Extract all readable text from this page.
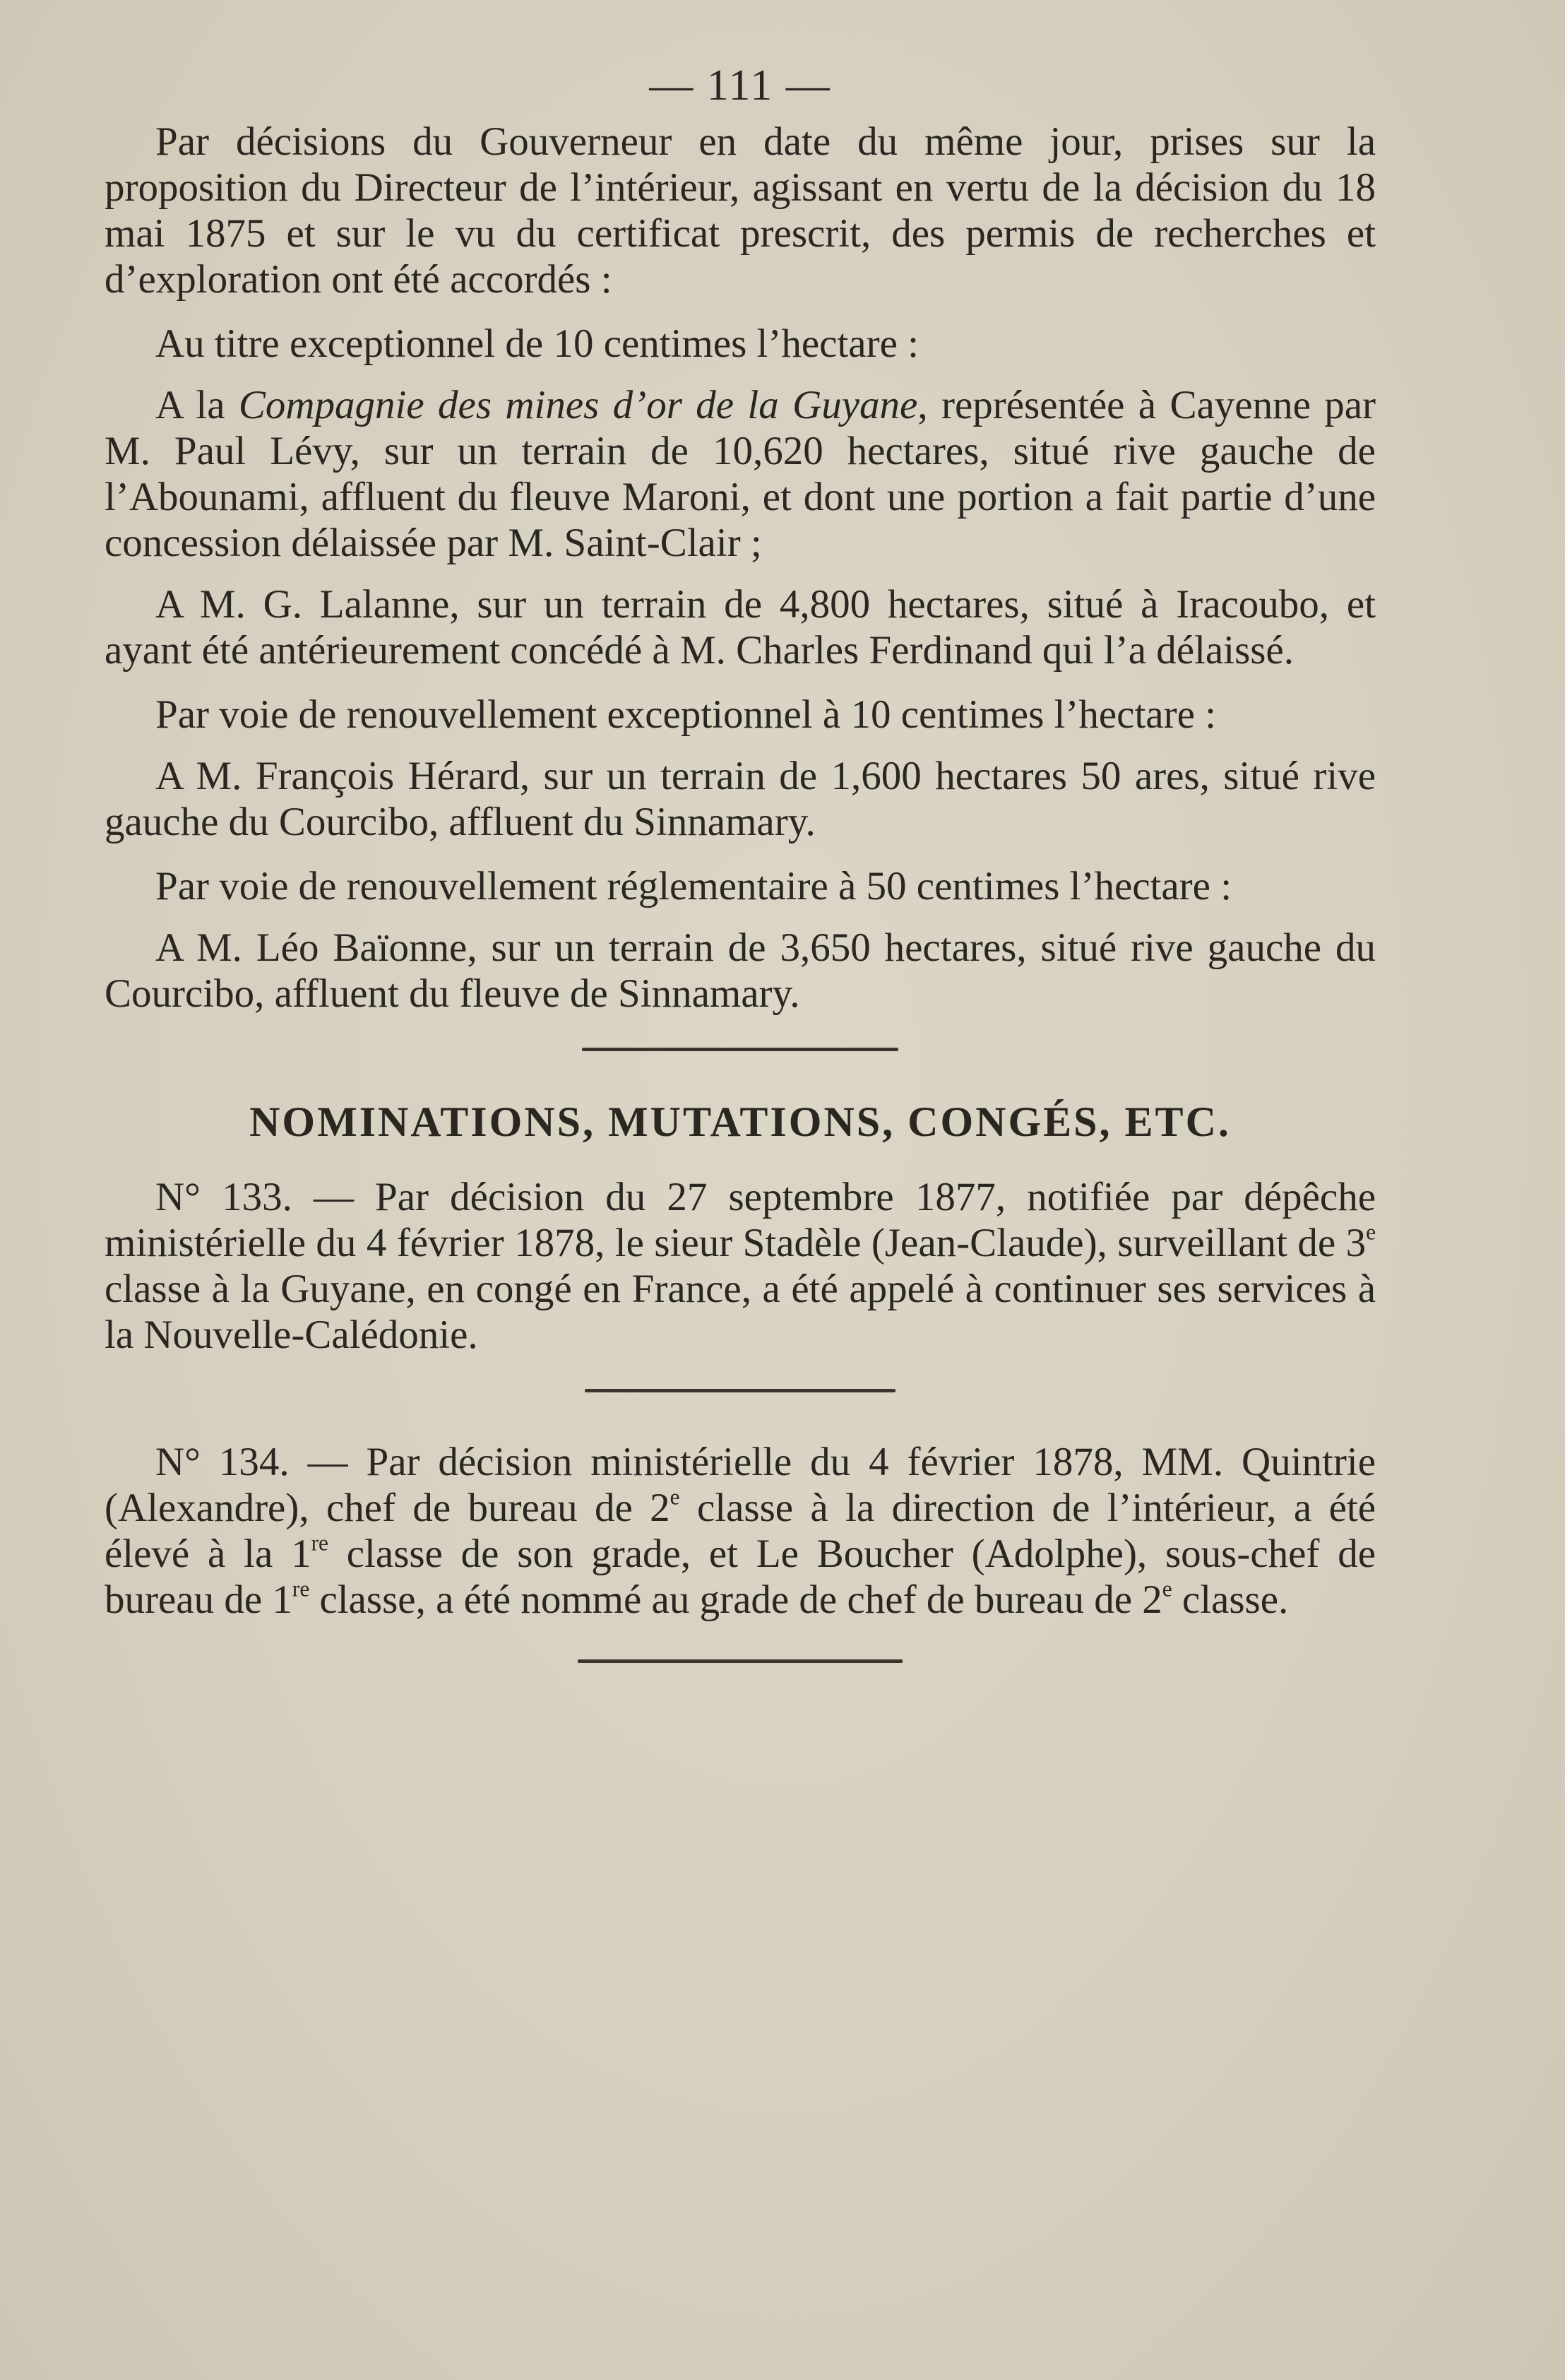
— 111 —

Par décisions du Gouverneur en date du même jour, prises sur la proposition du Directeur de l’intérieur, agissant en vertu de la décision du 18 mai 1875 et sur le vu du certificat prescrit, des permis de recherches et d’exploration ont été accordés :

Au titre exceptionnel de 10 centimes l’hectare :

A la Compagnie des mines d’or de la Guyane, représentée à Cayenne par M. Paul Lévy, sur un terrain de 10,620 hectares, situé rive gauche de l’Abounami, affluent du fleuve Maroni, et dont une portion a fait partie d’une concession délaissée par M. Saint-Clair ;

A M. G. Lalanne, sur un terrain de 4,800 hectares, situé à Iracoubo, et ayant été antérieurement concédé à M. Charles Ferdinand qui l’a délaissé.

Par voie de renouvellement exceptionnel à 10 centimes l’hectare :

A M. François Hérard, sur un terrain de 1,600 hectares 50 ares, situé rive gauche du Courcibo, affluent du Sinnamary.

Par voie de renouvellement réglementaire à 50 centimes l’hectare :

A M. Léo Baïonne, sur un terrain de 3,650 hectares, situé rive gauche du Courcibo, affluent du fleuve de Sinnamary.

NOMINATIONS, MUTATIONS, CONGÉS, ETC.

N° 133. — Par décision du 27 septembre 1877, notifiée par dépêche ministérielle du 4 février 1878, le sieur Stadèle (Jean-Claude), surveillant de 3e classe à la Guyane, en congé en France, a été appelé à continuer ses services à la Nouvelle-Calédonie.

N° 134. — Par décision ministérielle du 4 février 1878, MM. Quintrie (Alexandre), chef de bureau de 2e classe à la direction de l’intérieur, a été élevé à la 1re classe de son grade, et Le Boucher (Adolphe), sous-chef de bureau de 1re classe, a été nommé au grade de chef de bureau de 2e classe.
